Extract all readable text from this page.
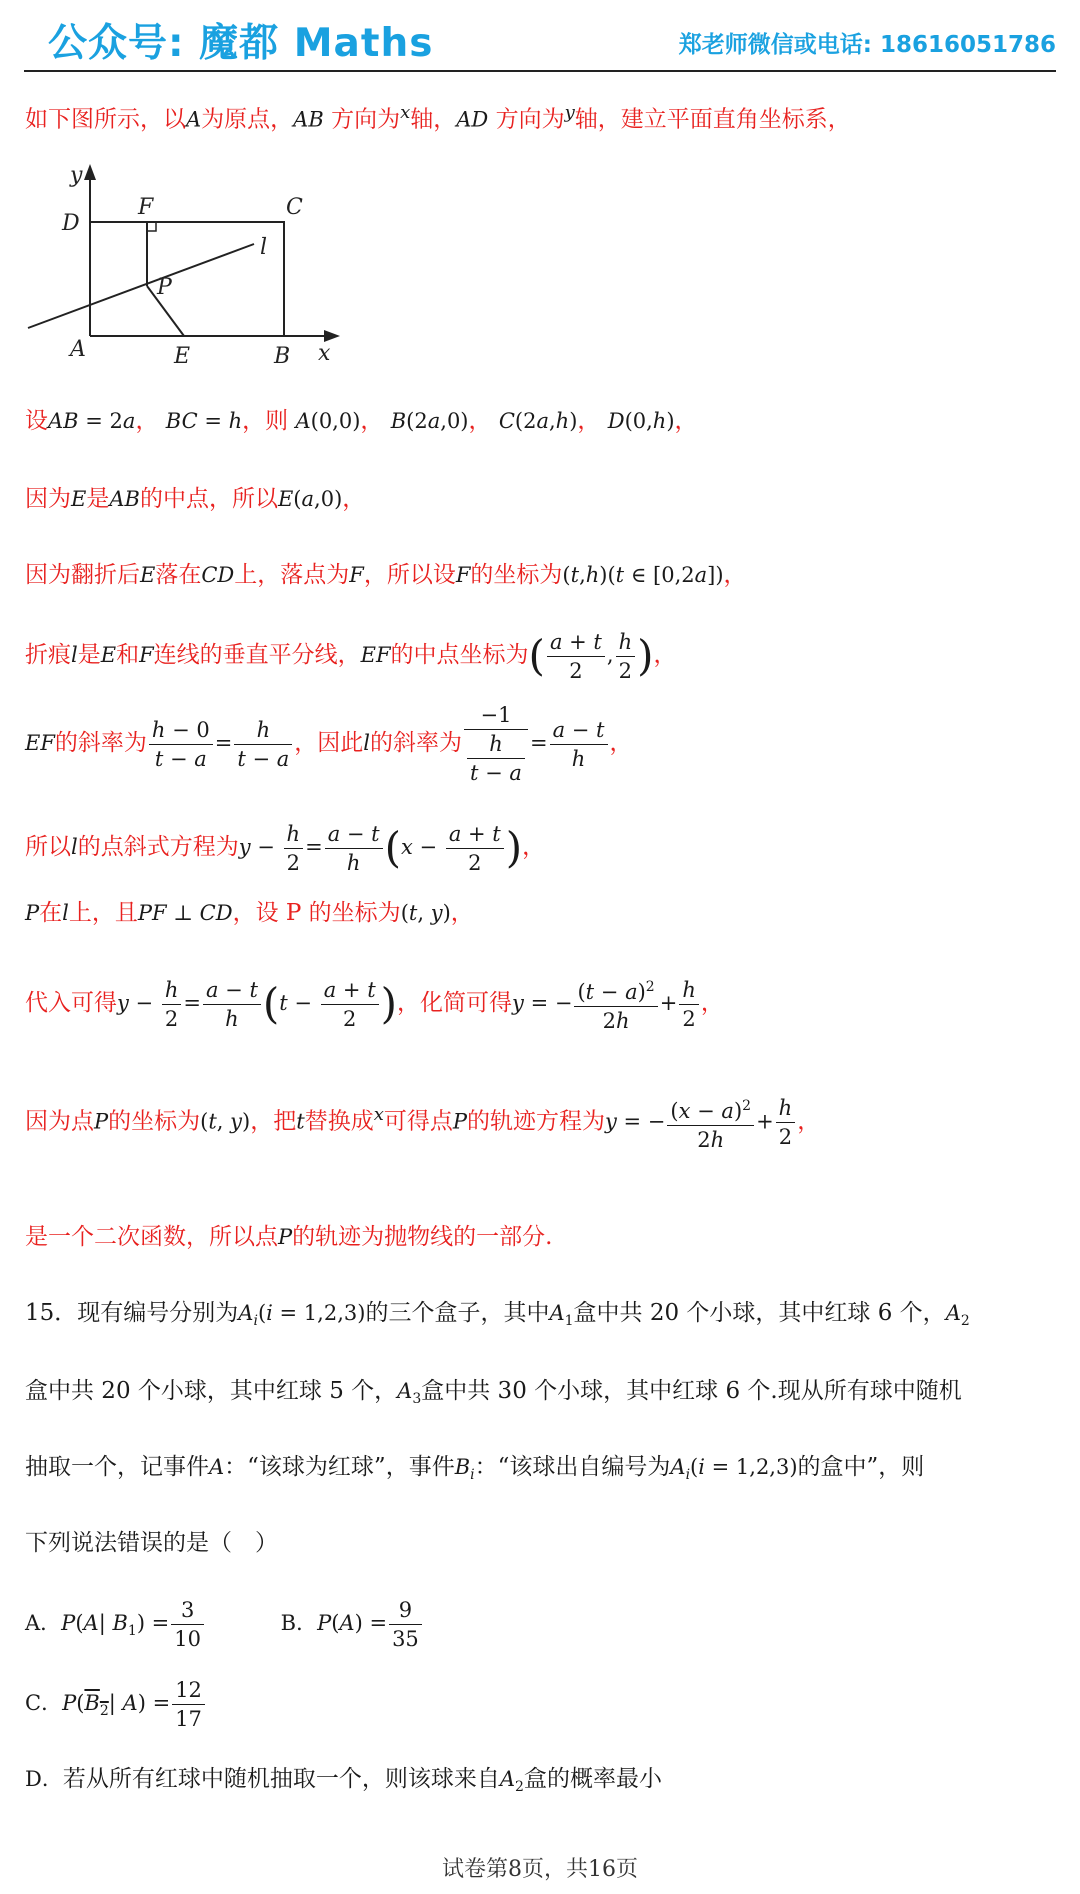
公众号: 魔都 Maths	郑老师微信或电话: 18616051786
如下图所示，以A为原点，AB 方向为$^x$轴，AD 方向为$^y$轴，建立平面直角坐标系，
y
D
F	C
l
P
A	E	B x
设AB = 2a， BC = h，则 A(0,0)， B(2a,0)， C(2a,h)， D(0,h)，
因为E是AB的中点，所以E(a,0)，
因为翻折后E落在CD上，落点为F，所以设F的坐标为(t,h)(t ∈ [0,2a])，
折痕l是E和F连线的垂直平分线，EF的中点坐标为( $\frac{a + t}{2}$ , $\frac{h}{2}$ )，
EF的斜率为 $\frac{h - 0}{t - a} = \frac{h}{t - a}$ ，因此l的斜率为 $\frac{-1}{\frac{h}{t - a}} = \frac{a - t}{h}$ ，
所以l的点斜式方程为$y - \frac{h}{2} = \frac{a - t}{h} (x - \frac{a + t}{2}$ )，
P在l上，且PF ⊥ CD，设 P 的坐标为(t, y)，
代入可得$y - \frac{h}{2} = \frac{a - t}{h} (t - \frac{a + t}{2}$ )，化简可得y = − $\frac{(t - a)^2}{2h} + \frac{h}{2}$ ，
因为点P的坐标为(t, y)，把t替换成$^x$可得点P的轨迹方程为y = − $\frac{(x - a)^2}{2h} + \frac{h}{2}$ ，
是一个二次函数，所以点P的轨迹为抛物线的一部分.
15．现有编号分别为$A_i(i = 1,2,3)$的三个盒子，其中$A_1$盒中共 20 个小球，其中红球 6 个，$A_2$
盒中共 20 个小球，其中红球 5 个，$A_3$盒中共 30 个小球，其中红球 6 个.现从所有球中随机
抽取一个，记事件A：“该球为红球”，事件$B_i$：“该球出自编号为$A_i(i = 1,2,3)$的盒中”，则
下列说法错误的是（　）
A．P(A| $B_1) = \frac{3}{10}$	B．$P(A) = \frac{9}{35}$
C．$P(B_2|$ $A) = \frac{12}{17}$
D．若从所有红球中随机抽取一个，则该球来自$A_2$盒的概率最小
试卷第8页，共16页
